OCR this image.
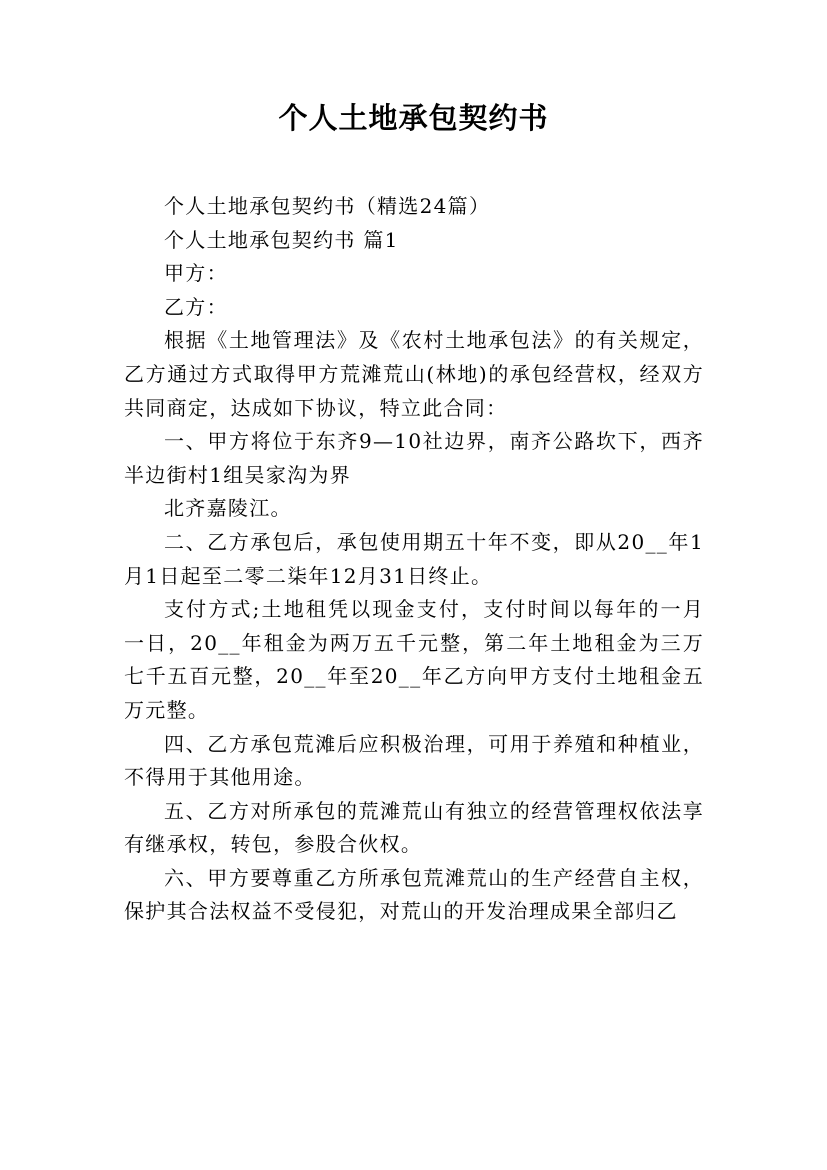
个人土地承包契约书

个人土地承包契约书（精选24篇）

个人土地承包契约书 篇1

甲方：

乙方：

根据《土地管理法》及《农村土地承包法》的有关规定，乙方通过方式取得甲方荒滩荒山(林地)的承包经营权，经双方共同商定，达成如下协议，特立此合同：

一、甲方将位于东齐9—10社边界，南齐公路坎下，西齐半边街村1组吴家沟为界

北齐嘉陵江。

二、乙方承包后，承包使用期五十年不变，即从20__年1月1日起至二零二柒年12月31日终止。

支付方式;土地租凭以现金支付，支付时间以每年的一月一日，20__年租金为两万五千元整，第二年土地租金为三万七千五百元整，20__年至20__年乙方向甲方支付土地租金五万元整。

四、乙方承包荒滩后应积极治理，可用于养殖和种植业，不得用于其他用途。

五、乙方对所承包的荒滩荒山有独立的经营管理权依法享有继承权，转包，参股合伙权。

六、甲方要尊重乙方所承包荒滩荒山的生产经营自主权，保护其合法权益不受侵犯，对荒山的开发治理成果全部归乙
